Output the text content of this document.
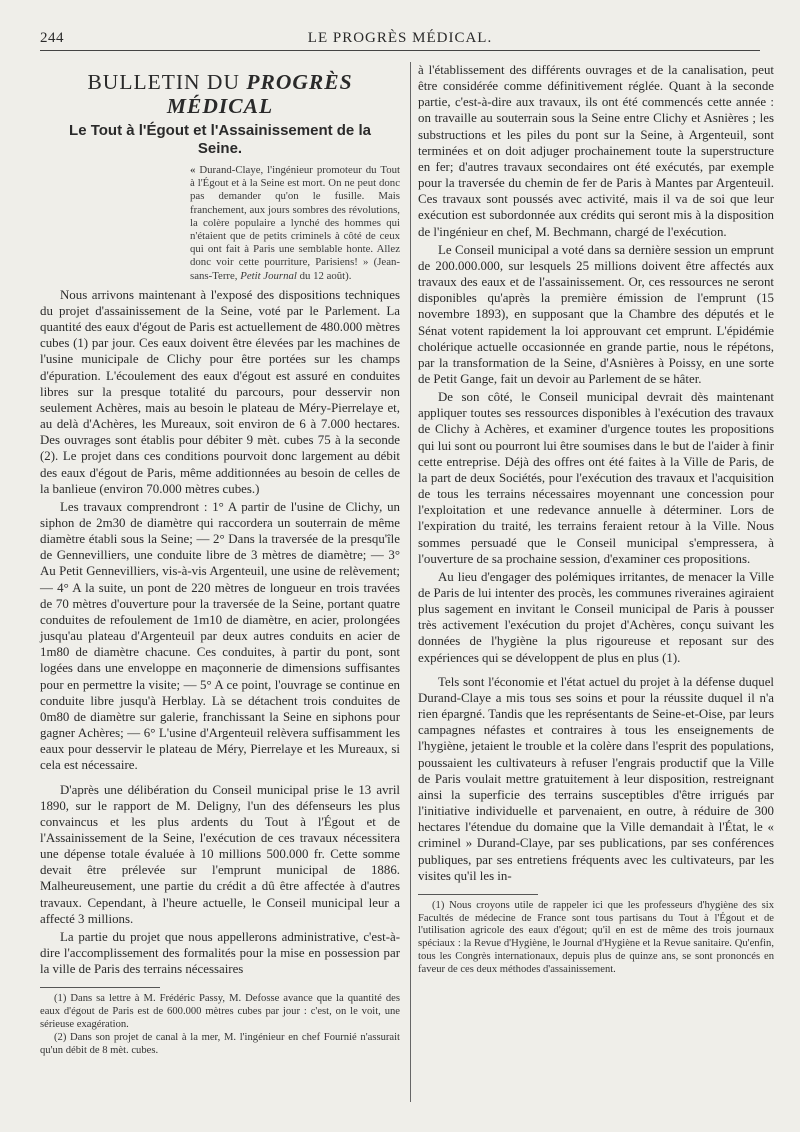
244	LE PROGRÈS MÉDICAL.
BULLETIN DU PROGRÈS MÉDICAL
Le Tout à l'Égout et l'Assainissement de la Seine.
« Durand-Claye, l'ingénieur promoteur du Tout à l'Égout et à la Seine est mort. On ne peut donc pas demander qu'on le fusille. Mais franchement, aux jours sombres des révolutions, la colère populaire a lynché des hommes qui n'étaient que de petits criminels à côté de ceux qui ont fait à Paris une semblable honte. Allez donc voir cette pourriture, Parisiens! » (Jean-sans-Terre, Petit Journal du 12 août).

Nous arrivons maintenant à l'exposé des dispositions techniques du projet d'assainissement de la Seine, voté par le Parlement. La quantité des eaux d'égout de Paris est actuellement de 480.000 mètres cubes (1) par jour. Ces eaux doivent être élevées par les machines de l'usine municipale de Clichy pour être portées sur les champs d'épuration. L'écoulement des eaux d'égout est assuré en conduites libres sur la presque totalité du parcours, pour desservir non seulement Achères, mais au besoin le plateau de Méry-Pierrelaye et, au delà d'Achères, les Mureaux, soit environ de 6 à 7.000 hectares. Des ouvrages sont établis pour débiter 9 mèt. cubes 75 à la seconde (2). Le projet dans ces conditions pourvoit donc largement au débit des eaux d'égout de Paris, même additionnées au besoin de celles de la banlieue (environ 70.000 mètres cubes.)

Les travaux comprendront : 1° A partir de l'usine de Clichy, un siphon de 2m30 de diamètre qui raccordera un souterrain de même diamètre établi sous la Seine; — 2° Dans la traversée de la presqu'île de Gennevilliers, une conduite libre de 3 mètres de diamètre; — 3° Au Petit Gennevilliers, vis-à-vis Argenteuil, une usine de relèvement; — 4° A la suite, un pont de 220 mètres de longueur en trois travées de 70 mètres d'ouverture pour la traversée de la Seine, portant quatre conduites de refoulement de 1m10 de diamètre, en acier, prolongées jusqu'au plateau d'Argenteuil par deux autres conduits en acier de 1m80 de diamètre chacune. Ces conduites, à partir du pont, sont logées dans une enveloppe en maçonnerie de dimensions suffisantes pour en permettre la visite; — 5° A ce point, l'ouvrage se continue en conduite libre jusqu'à Herblay. Là se détachent trois conduites de 0m80 de diamètre sur galerie, franchissant la Seine en siphons pour gagner Achères; — 6° L'usine d'Argenteuil relèvera suffisamment les eaux pour desservir le plateau de Méry, Pierrelaye et les Mureaux, si cela est nécessaire.

D'après une délibération du Conseil municipal prise le 13 avril 1890, sur le rapport de M. Deligny, l'un des défenseurs les plus convaincus et les plus ardents du Tout à l'Égout et de l'Assainissement de la Seine, l'exécution de ces travaux nécessitera une dépense totale évaluée à 10 millions 500.000 fr. Cette somme devait être prélevée sur l'emprunt municipal de 1886. Malheureusement, une partie du crédit a dû être affectée à d'autres travaux. Cependant, à l'heure actuelle, le Conseil municipal leur a affecté 3 millions.

La partie du projet que nous appellerons administrative, c'est-à-dire l'accomplissement des formalités pour la mise en possession par la ville de Paris des terrains nécessaires

(1) Dans sa lettre à M. Frédéric Passy, M. Defosse avance que la quantité des eaux d'égout de Paris est de 600.000 mètres cubes par jour : c'est, on le voit, une sérieuse exagération.

(2) Dans son projet de canal à la mer, M. l'ingénieur en chef Fournié n'assurait qu'un débit de 8 mèt. cubes.

à l'établissement des différents ouvrages et de la canalisation, peut être considérée comme définitivement réglée. Quant à la seconde partie, c'est-à-dire aux travaux, ils ont été commencés cette année : on travaille au souterrain sous la Seine entre Clichy et Asnières ; les substructions et les piles du pont sur la Seine, à Argenteuil, sont terminées et on doit adjuger prochainement toute la superstructure en fer; d'autres travaux secondaires ont été exécutés, par exemple pour la traversée du chemin de fer de Paris à Mantes par Argenteuil. Ces travaux sont poussés avec activité, mais il va de soi que leur exécution est subordonnée aux crédits qui seront mis à la disposition de l'ingénieur en chef, M. Bechmann, chargé de l'exécution.

Le Conseil municipal a voté dans sa dernière session un emprunt de 200.000.000, sur lesquels 25 millions doivent être affectés aux travaux des eaux et de l'assainissement. Or, ces ressources ne seront disponibles qu'après la première émission de l'emprunt (15 novembre 1893), en supposant que la Chambre des députés et le Sénat votent rapidement la loi approuvant cet emprunt. L'épidémie cholérique actuelle occasionnée en grande partie, nous le répétons, par la transformation de la Seine, d'Asnières à Poissy, en une sorte de Petit Gange, fait un devoir au Parlement de se hâter.

De son côté, le Conseil municipal devrait dès maintenant appliquer toutes ses ressources disponibles à l'exécution des travaux de Clichy à Achères, et examiner d'urgence toutes les propositions qui lui sont ou pourront lui être soumises dans le but de l'aider à finir cette entreprise. Déjà des offres ont été faites à la Ville de Paris, de la part de deux Sociétés, pour l'exécution des travaux et l'acquisition de tous les terrains nécessaires moyennant une concession pour l'exploitation et une redevance annuelle à déterminer. Lors de l'expiration du traité, les terrains feraient retour à la Ville. Nous sommes persuadé que le Conseil municipal s'empressera, à l'ouverture de sa prochaine session, d'examiner ces propositions.

Au lieu d'engager des polémiques irritantes, de menacer la Ville de Paris de lui intenter des procès, les communes riveraines agiraient plus sagement en invitant le Conseil municipal de Paris à pousser très activement l'exécution du projet d'Achères, conçu suivant les données de l'hygiène la plus rigoureuse et reposant sur des expériences qui se développent de plus en plus (1).

Tels sont l'économie et l'état actuel du projet à la défense duquel Durand-Claye a mis tous ses soins et pour la réussite duquel il n'a rien épargné. Tandis que les représentants de Seine-et-Oise, par leurs campagnes néfastes et contraires à tous les enseignements de l'hygiène, jetaient le trouble et la colère dans l'esprit des populations, poussaient les cultivateurs à refuser l'engrais productif que la Ville de Paris voulait mettre gratuitement à leur disposition, restreignant ainsi la superficie des terrains susceptibles d'être irrigués par l'initiative individuelle et parvenaient, en outre, à réduire de 300 hectares l'étendue du domaine que la Ville demandait à l'État, le « criminel » Durand-Claye, par ses publications, par ses conférences publiques, par ses entretiens fréquents avec les cultivateurs, par les visites qu'il les in-

(1) Nous croyons utile de rappeler ici que les professeurs d'hygiène des six Facultés de médecine de France sont tous partisans du Tout à l'Égout et de l'utilisation agricole des eaux d'égout; qu'il en est de même des trois journaux spéciaux : la Revue d'Hygiène, le Journal d'Hygiène et la Revue sanitaire. Qu'enfin, tous les Congrès internationaux, depuis plus de quinze ans, se sont prononcés en faveur de ces deux méthodes d'assainissement.
